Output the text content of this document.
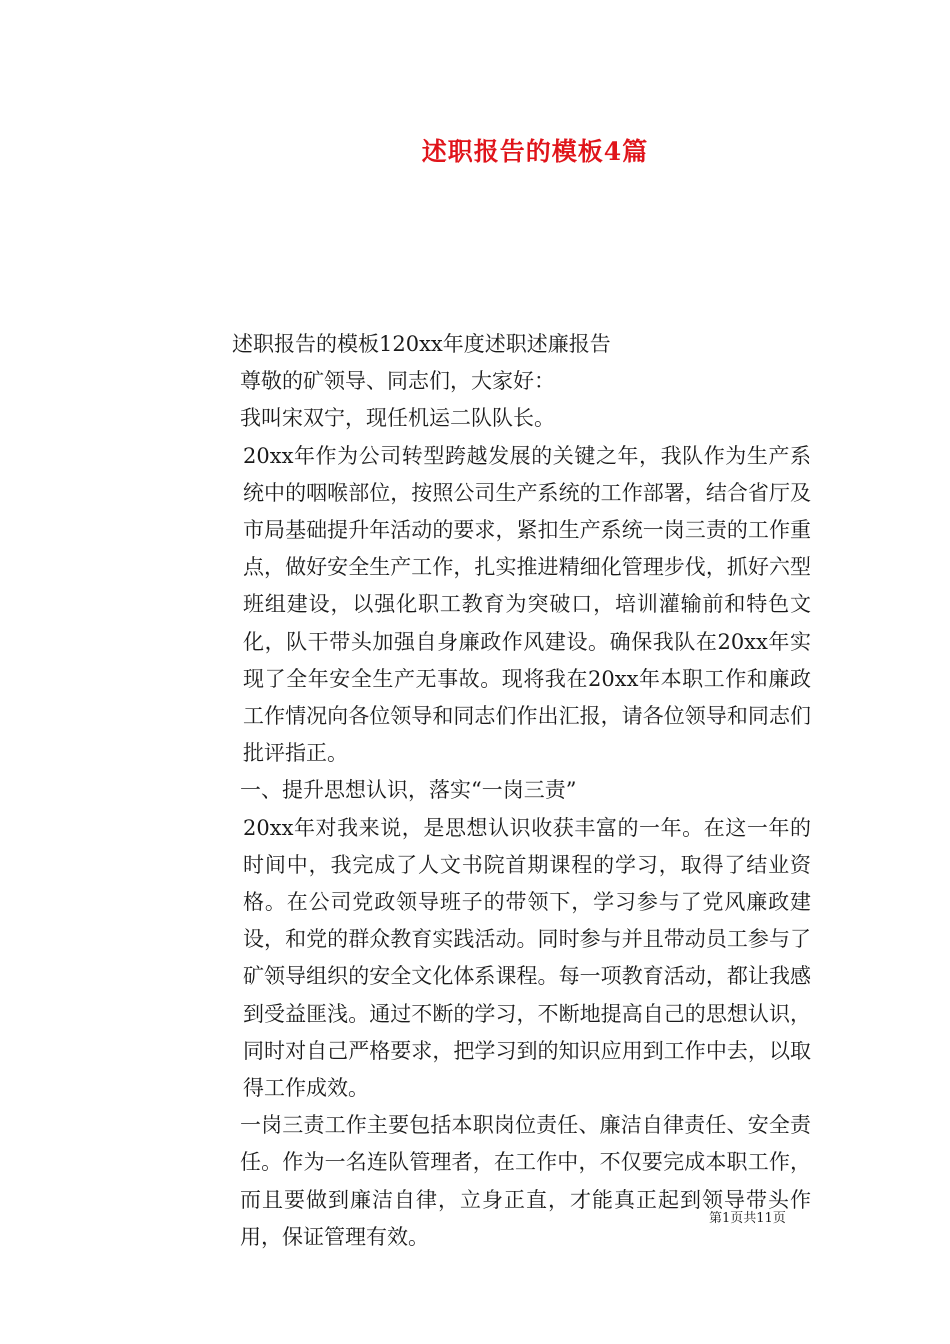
述职报告的模板4篇

述职报告的模板120xx年度述职述廉报告

尊敬的矿领导、同志们，大家好：

我叫宋双宁，现任机运二队队长。

20xx年作为公司转型跨越发展的关键之年，我队作为生产系统中的咽喉部位，按照公司生产系统的工作部署，结合省厅及市局基础提升年活动的要求，紧扣生产系统一岗三责的工作重点，做好安全生产工作，扎实推进精细化管理步伐，抓好六型班组建设，以强化职工教育为突破口，培训灌输前和特色文化，队干带头加强自身廉政作风建设。确保我队在20xx年实现了全年安全生产无事故。现将我在20xx年本职工作和廉政工作情况向各位领导和同志们作出汇报，请各位领导和同志们批评指正。

一、提升思想认识，落实“一岗三责”

20xx年对我来说，是思想认识收获丰富的一年。在这一年的时间中，我完成了人文书院首期课程的学习，取得了结业资格。在公司党政领导班子的带领下，学习参与了党风廉政建设，和党的群众教育实践活动。同时参与并且带动员工参与了矿领导组织的安全文化体系课程。每一项教育活动，都让我感到受益匪浅。通过不断的学习，不断地提高自己的思想认识，同时对自己严格要求，把学习到的知识应用到工作中去，以取得工作成效。

一岗三责工作主要包括本职岗位责任、廉洁自律责任、安全责任。作为一名连队管理者，在工作中，不仅要完成本职工作，而且要做到廉洁自律，立身正直，才能真正起到领导带头作用，保证管理有效。

第1页共11页
